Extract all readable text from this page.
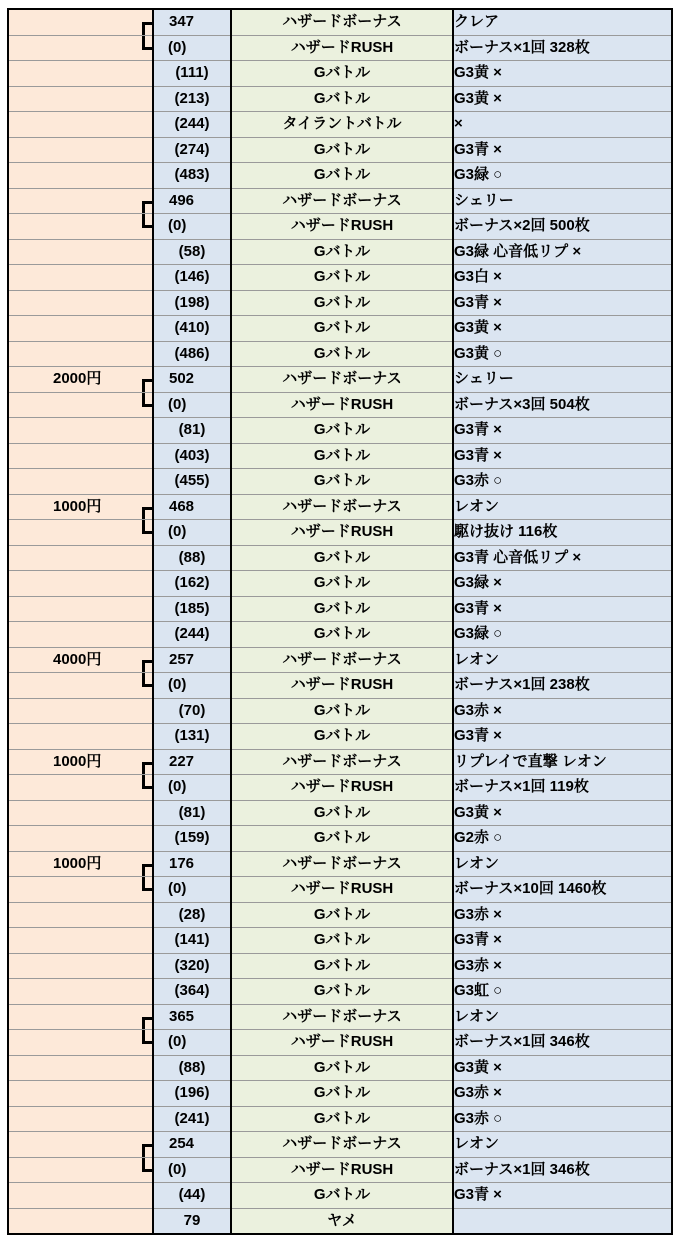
	347	ハザードボーナス	クレア

	(0)	ハザードRUSH	ボーナス×1回 328枚

	(111)	Gバトル	G3黄 ×

	(213)	Gバトル	G3黄 ×

	(244)	タイラントバトル	×

	(274)	Gバトル	G3青 ×

	(483)	Gバトル	G3緑 ○

	496	ハザードボーナス	シェリー

	(0)	ハザードRUSH	ボーナス×2回 500枚

	(58)	Gバトル	G3緑 心音低リプ ×

	(146)	Gバトル	G3白 ×

	(198)	Gバトル	G3青 ×

	(410)	Gバトル	G3黄 ×

	(486)	Gバトル	G3黄 ○

2000円	502	ハザードボーナス	シェリー

	(0)	ハザードRUSH	ボーナス×3回 504枚

	(81)	Gバトル	G3青 ×

	(403)	Gバトル	G3青 ×

	(455)	Gバトル	G3赤 ○

1000円	468	ハザードボーナス	レオン

	(0)	ハザードRUSH	駆け抜け 116枚

	(88)	Gバトル	G3青 心音低リプ ×

	(162)	Gバトル	G3緑 ×

	(185)	Gバトル	G3青 ×

	(244)	Gバトル	G3緑 ○

4000円	257	ハザードボーナス	レオン

	(0)	ハザードRUSH	ボーナス×1回 238枚

	(70)	Gバトル	G3赤 ×

	(131)	Gバトル	G3青 ×

1000円	227	ハザードボーナス	リプレイで直撃 レオン

	(0)	ハザードRUSH	ボーナス×1回 119枚

	(81)	Gバトル	G3黄 ×

	(159)	Gバトル	G2赤 ○

1000円	176	ハザードボーナス	レオン

	(0)	ハザードRUSH	ボーナス×10回 1460枚

	(28)	Gバトル	G3赤 ×

	(141)	Gバトル	G3青 ×

	(320)	Gバトル	G3赤 ×

	(364)	Gバトル	G3虹 ○

	365	ハザードボーナス	レオン

	(0)	ハザードRUSH	ボーナス×1回 346枚

	(88)	Gバトル	G3黄 ×

	(196)	Gバトル	G3赤 ×

	(241)	Gバトル	G3赤 ○

	254	ハザードボーナス	レオン

	(0)	ハザードRUSH	ボーナス×1回 346枚

	(44)	Gバトル	G3青 ×

	79	ヤメ	
